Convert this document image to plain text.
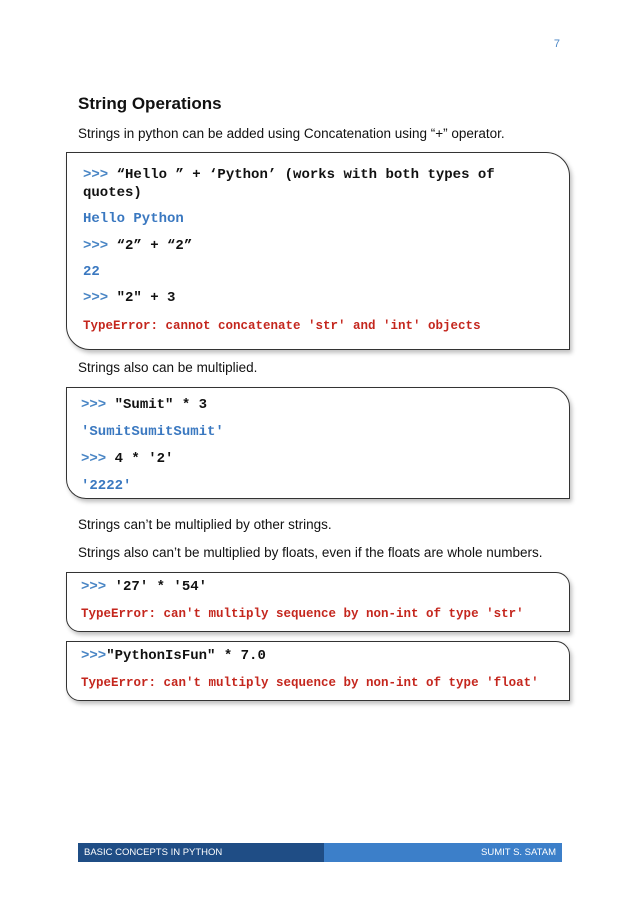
7
String Operations
Strings in python can be added using Concatenation using “+” operator.
>>> “Hello ” + ‘Python’ (works with both types of
quotes)
Hello Python
>>> “2” + “2”
22
>>> "2" + 3
TypeError: cannot concatenate 'str' and 'int' objects
Strings also can be multiplied.
>>> "Sumit" * 3
'SumitSumitSumit'
>>> 4 * '2'
'2222'
Strings can’t be multiplied by other strings.
Strings also can’t be multiplied by floats, even if the floats are whole numbers.
>>> '27' * '54'
TypeError: can't multiply sequence by non-int of type 'str'
>>>"PythonIsFun" * 7.0
TypeError: can't multiply sequence by non-int of type 'float'
BASIC CONCEPTS IN PYTHON	SUMIT S. SATAM
